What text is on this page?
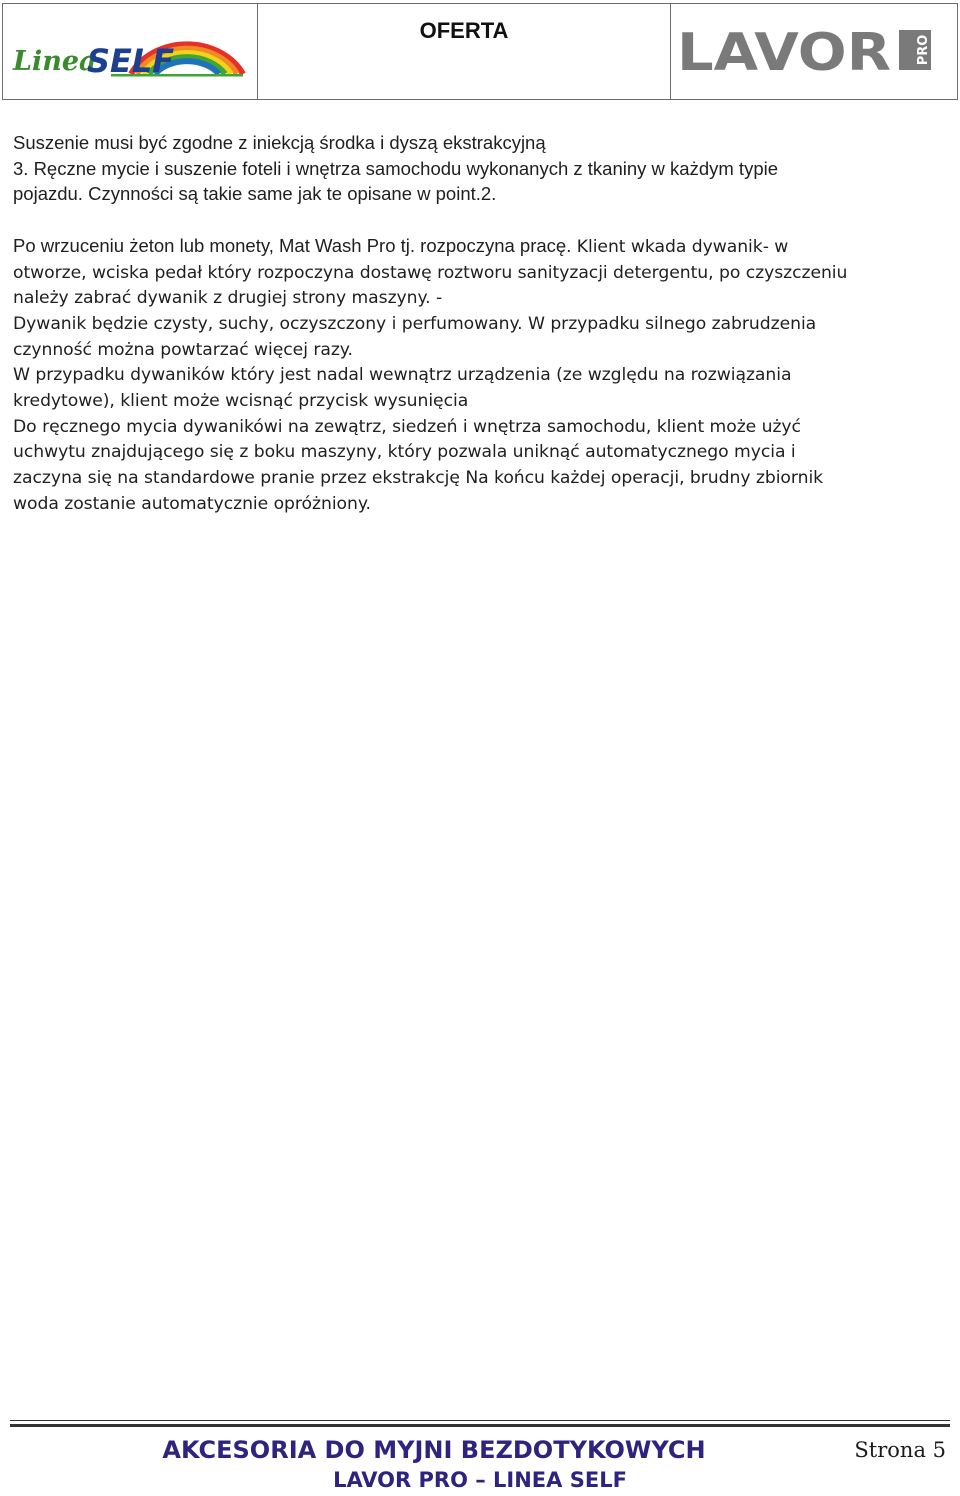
Linea
SELF
OFERTA	LAVOR PRO

Suszenie musi być zgodne z iniekcją środka i dyszą ekstrakcyjną

3. Ręczne mycie i suszenie foteli i wnętrza samochodu wykonanych z tkaniny w każdym typie

pojazdu. Czynności są takie same jak te opisane w point.2.

Po wrzuceniu żeton lub monety, Mat Wash Pro tj. rozpoczyna pracę. Klient wkada dywanik- w

otworze, wciska pedał który rozpoczyna dostawę roztworu sanityzacji detergentu, po czyszczeniu

należy zabrać dywanik z drugiej strony maszyny. -

Dywanik będzie czysty, suchy, oczyszczony i perfumowany. W przypadku silnego zabrudzenia

czynność można powtarzać więcej razy.

W przypadku dywaników który jest nadal wewnątrz urządzenia (ze względu na rozwiązania

kredytowe), klient może wcisnąć przycisk wysunięcia

Do ręcznego mycia dywanikówi na zewątrz, siedzeń i wnętrza samochodu, klient może użyć

uchwytu znajdującego się z boku maszyny, który pozwala uniknąć automatycznego mycia i

zaczyna się na standardowe pranie przez ekstrakcję Na końcu każdej operacji, brudny zbiornik

woda zostanie automatycznie opróżniony.

AKCESORIA DO MYJNI BEZDOTYKOWYCH	Strona 5
LAVOR PRO – LINEA SELF
